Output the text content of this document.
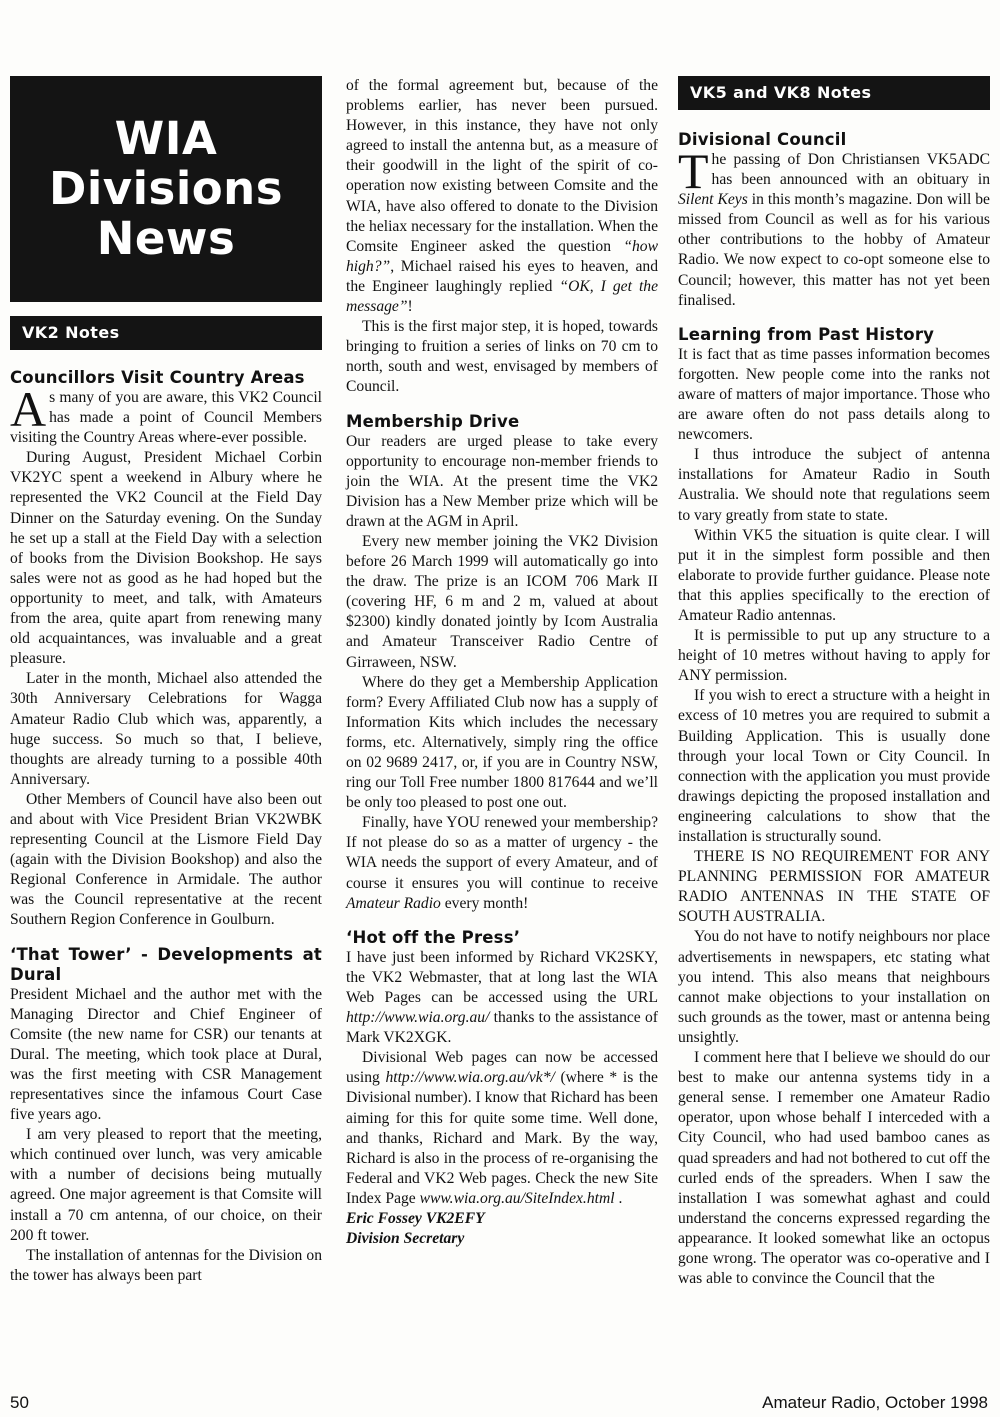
WIA
Divisions
News
VK2 Notes
Councillors Visit Country Areas

As many of you are aware, this VK2 Council has made a point of Council Members visiting the Country Areas where-ever possible.

During August, President Michael Corbin VK2YC spent a weekend in Albury where he represented the VK2 Council at the Field Day Dinner on the Saturday evening. On the Sunday he set up a stall at the Field Day with a selection of books from the Division Bookshop. He says sales were not as good as he had hoped but the opportunity to meet, and talk, with Amateurs from the area, quite apart from renewing many old acquaintances, was invaluable and a great pleasure.

Later in the month, Michael also attended the 30th Anniversary Celebrations for Wagga Amateur Radio Club which was, apparently, a huge success. So much so that, I believe, thoughts are already turning to a possible 40th Anniversary.

Other Members of Council have also been out and about with Vice President Brian VK2WBK representing Council at the Lismore Field Day (again with the Division Bookshop) and also the Regional Conference in Armidale. The author was the Council representative at the recent Southern Region Conference in Goulburn.

‘That Tower’ - Developments at Dural

President Michael and the author met with the Managing Director and Chief Engineer of Comsite (the new name for CSR) our tenants at Dural. The meeting, which took place at Dural, was the first meeting with CSR Management representatives since the infamous Court Case five years ago.

I am very pleased to report that the meeting, which continued over lunch, was very amicable with a number of decisions being mutually agreed. One major agreement is that Comsite will install a 70 cm antenna, of our choice, on their 200 ft tower.

The installation of antennas for the Division on the tower has always been part

of the formal agreement but, because of the problems earlier, has never been pursued. However, in this instance, they have not only agreed to install the antenna but, as a measure of their goodwill in the light of the spirit of co-operation now existing between Comsite and the WIA, have also offered to donate to the Division the heliax necessary for the installation. When the Comsite Engineer asked the question “how high?”, Michael raised his eyes to heaven, and the Engineer laughingly replied “OK, I get the message”!

This is the first major step, it is hoped, towards bringing to fruition a series of links on 70 cm to north, south and west, envisaged by members of Council.

Membership Drive

Our readers are urged please to take every opportunity to encourage non-member friends to join the WIA. At the present time the VK2 Division has a New Member prize which will be drawn at the AGM in April.

Every new member joining the VK2 Division before 26 March 1999 will automatically go into the draw. The prize is an ICOM 706 Mark II (covering HF, 6 m and 2 m, valued at about $2300) kindly donated jointly by Icom Australia and Amateur Transceiver Radio Centre of Girraween, NSW.

Where do they get a Membership Application form? Every Affiliated Club now has a supply of Information Kits which includes the necessary forms, etc. Alternatively, simply ring the office on 02 9689 2417, or, if you are in Country NSW, ring our Toll Free number 1800 817644 and we’ll be only too pleased to post one out.

Finally, have YOU renewed your membership? If not please do so as a matter of urgency - the WIA needs the support of every Amateur, and of course it ensures you will continue to receive Amateur Radio every month!

‘Hot off the Press’

I have just been informed by Richard VK2SKY, the VK2 Webmaster, that at long last the WIA Web Pages can be accessed using the URL http://www.wia.org.au/ thanks to the assistance of Mark VK2XGK.

Divisional Web pages can now be accessed using http://www.wia.org.au/vk*/ (where * is the Divisional number). I know that Richard has been aiming for this for quite some time. Well done, and thanks, Richard and Mark. By the way, Richard is also in the process of re-organising the Federal and VK2 Web pages. Check the new Site Index Page www.wia.org.au/SiteIndex.html .

Eric Fossey VK2EFY

Division Secretary

VK5 and VK8 Notes
Divisional Council

The passing of Don Christiansen VK5ADC has been announced with an obituary in Silent Keys in this month’s magazine. Don will be missed from Council as well as for his various other contributions to the hobby of Amateur Radio. We now expect to co-opt someone else to Council; however, this matter has not yet been finalised.

Learning from Past History

It is fact that as time passes information becomes forgotten. New people come into the ranks not aware of matters of major importance. Those who are aware often do not pass details along to newcomers.

I thus introduce the subject of antenna installations for Amateur Radio in South Australia. We should note that regulations seem to vary greatly from state to state.

Within VK5 the situation is quite clear. I will put it in the simplest form possible and then elaborate to provide further guidance. Please note that this applies specifically to the erection of Amateur Radio antennas.

It is permissible to put up any structure to a height of 10 metres without having to apply for ANY permission.

If you wish to erect a structure with a height in excess of 10 metres you are required to submit a Building Application. This is usually done through your local Town or City Council. In connection with the application you must provide drawings depicting the proposed installation and engineering calculations to show that the installation is structurally sound.

THERE IS NO REQUIREMENT FOR ANY PLANNING PERMISSION FOR AMATEUR RADIO ANTENNAS IN THE STATE OF SOUTH AUSTRALIA.

You do not have to notify neighbours nor place advertisements in newspapers, etc stating what you intend. This also means that neighbours cannot make objections to your installation on such grounds as the tower, mast or antenna being unsightly.

I comment here that I believe we should do our best to make our antenna systems tidy in a general sense. I remember one Amateur Radio operator, upon whose behalf I interceded with a City Council, who had used bamboo canes as quad spreaders and had not bothered to cut off the curled ends of the spreaders. When I saw the installation I was somewhat aghast and could understand the concerns expressed regarding the appearance. It looked somewhat like an octopus gone wrong. The operator was co-operative and I was able to convince the Council that the

50	Amateur Radio, October 1998
